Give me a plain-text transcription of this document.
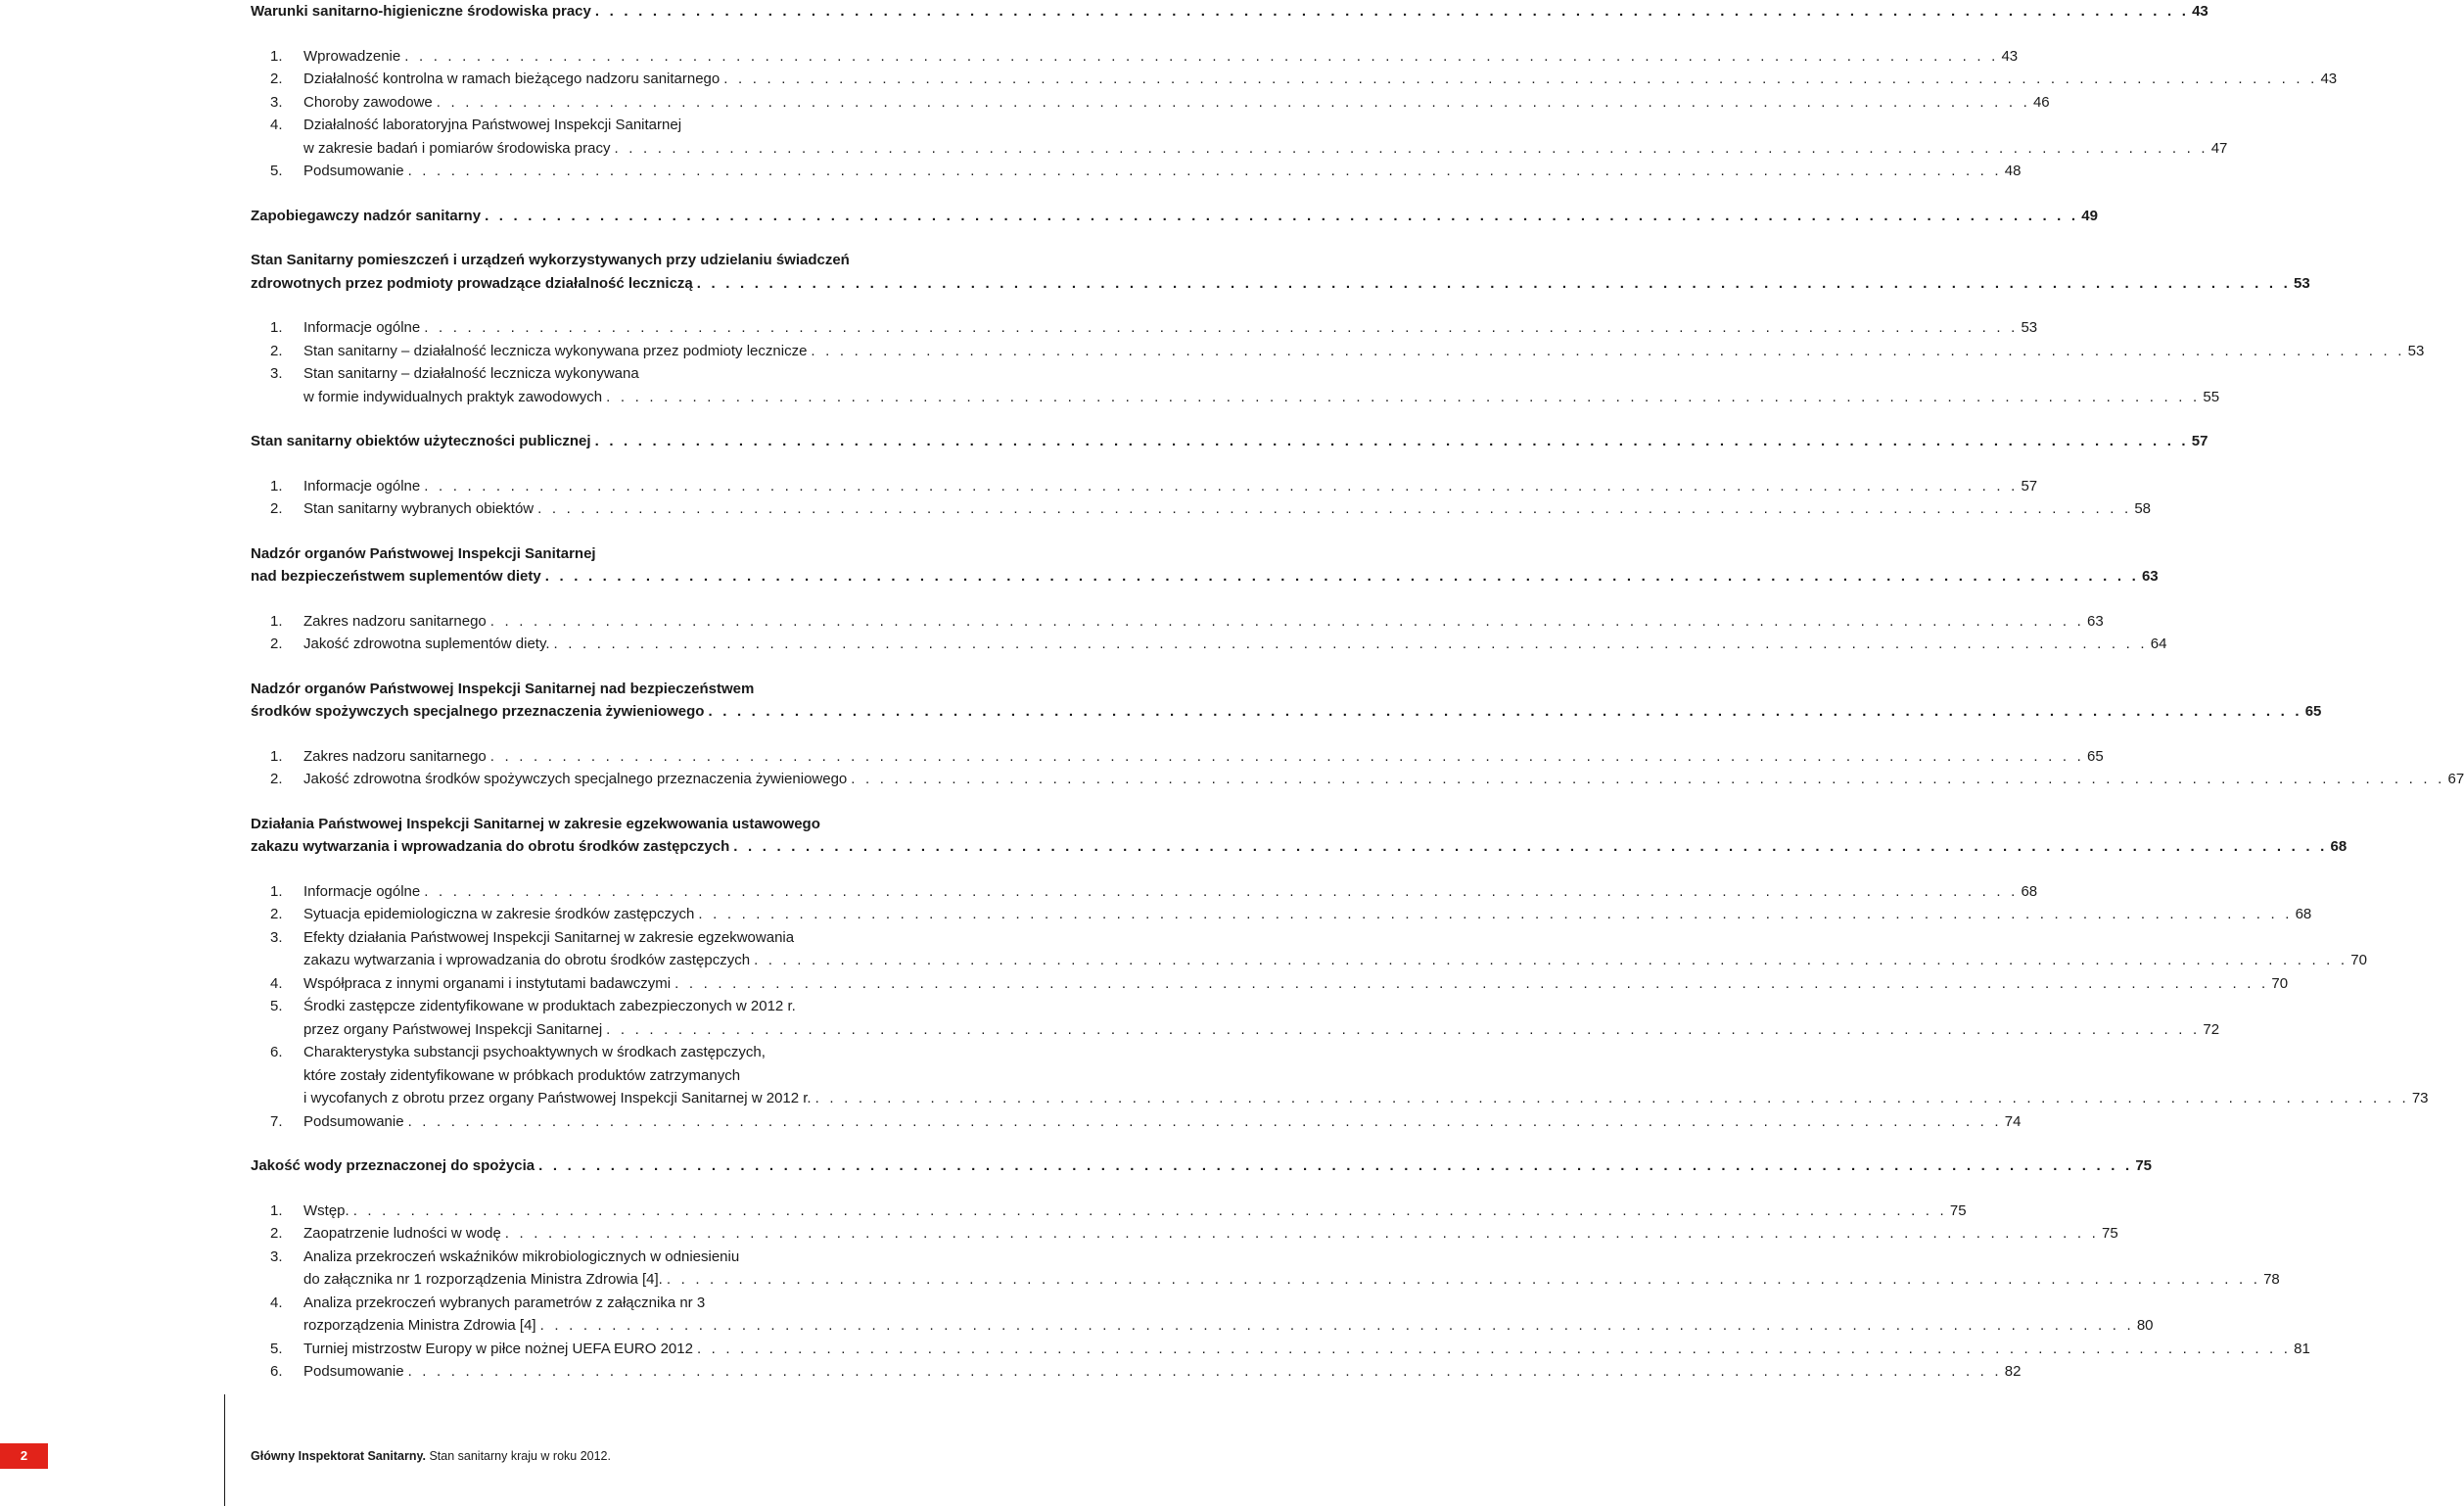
Warunki sanitarno-higieniczne środowiska pracy . . . . . . . . . . . . . . . . . . . . . . . . . . . . . . . . . . . . . . . . . . . . . . . . . . . . . . . . . . . . . . . . . . . . . . . . . . . . . . . . . . . . . . . . . . . . . . . . . . . . . . . . . . . . . . . 43
1.	Wprowadzenie . . . . . . . . . . . . . . . . . . . . . . . . . . . . . . . . . . . . . . . . . . . . . . . . . . . . . . . . . . . . . . . . . . . . . . . . . . . . . . . . . . . . . . . . . . . . . . . . . . . . . . . . . . . . . . . 43
2.	Działalność kontrolna w ramach bieżącego nadzoru sanitarnego . . . . . . . . . . . . . . . . . . . . . . . . . . . . . . . . . . . . . . . . . . . . . . . . . . . . . . . . . . . . . . . . . . . . . . . . . . . . . . . . . . . . . . . . . . . . . . . . . . . . . . . . . . . . . . . 43
3.	Choroby zawodowe . . . . . . . . . . . . . . . . . . . . . . . . . . . . . . . . . . . . . . . . . . . . . . . . . . . . . . . . . . . . . . . . . . . . . . . . . . . . . . . . . . . . . . . . . . . . . . . . . . . . . . . . . . . . . . . 46
4.	Działalność laboratoryjna Państwowej Inspekcji Sanitarnej
w zakresie badań i pomiarów środowiska pracy . . . . . . . . . . . . . . . . . . . . . . . . . . . . . . . . . . . . . . . . . . . . . . . . . . . . . . . . . . . . . . . . . . . . . . . . . . . . . . . . . . . . . . . . . . . . . . . . . . . . . . . . . . . . . . . 47
5.	Podsumowanie . . . . . . . . . . . . . . . . . . . . . . . . . . . . . . . . . . . . . . . . . . . . . . . . . . . . . . . . . . . . . . . . . . . . . . . . . . . . . . . . . . . . . . . . . . . . . . . . . . . . . . . . . . . . . . . 48
Zapobiegawczy nadzór sanitarny . . . . . . . . . . . . . . . . . . . . . . . . . . . . . . . . . . . . . . . . . . . . . . . . . . . . . . . . . . . . . . . . . . . . . . . . . . . . . . . . . . . . . . . . . . . . . . . . . . . . . . . . . . . . . . . 49
Stan Sanitarny pomieszczeń i urządzeń wykorzystywanych przy udzielaniu świadczeń
zdrowotnych przez podmioty prowadzące działalność leczniczą . . . . . . . . . . . . . . . . . . . . . . . . . . . . . . . . . . . . . . . . . . . . . . . . . . . . . . . . . . . . . . . . . . . . . . . . . . . . . . . . . . . . . . . . . . . . . . . . . . . . . . . . . . . . . . . 53
1.	Informacje ogólne . . . . . . . . . . . . . . . . . . . . . . . . . . . . . . . . . . . . . . . . . . . . . . . . . . . . . . . . . . . . . . . . . . . . . . . . . . . . . . . . . . . . . . . . . . . . . . . . . . . . . . . . . . . . . . . 53
2.	Stan sanitarny – działalność lecznicza wykonywana przez podmioty lecznicze . . . . . . . . . . . . . . . . . . . . . . . . . . . . . . . . . . . . . . . . . . . . . . . . . . . . . . . . . . . . . . . . . . . . . . . . . . . . . . . . . . . . . . . . . . . . . . . . . . . . . . . . . . . . . . . 53
3.	Stan sanitarny – działalność lecznicza wykonywana
w formie indywidualnych praktyk zawodowych . . . . . . . . . . . . . . . . . . . . . . . . . . . . . . . . . . . . . . . . . . . . . . . . . . . . . . . . . . . . . . . . . . . . . . . . . . . . . . . . . . . . . . . . . . . . . . . . . . . . . . . . . . . . . . . 55
Stan sanitarny obiektów użyteczności publicznej . . . . . . . . . . . . . . . . . . . . . . . . . . . . . . . . . . . . . . . . . . . . . . . . . . . . . . . . . . . . . . . . . . . . . . . . . . . . . . . . . . . . . . . . . . . . . . . . . . . . . . . . . . . . . . . 57
1.	Informacje ogólne . . . . . . . . . . . . . . . . . . . . . . . . . . . . . . . . . . . . . . . . . . . . . . . . . . . . . . . . . . . . . . . . . . . . . . . . . . . . . . . . . . . . . . . . . . . . . . . . . . . . . . . . . . . . . . . 57
2.	Stan sanitarny wybranych obiektów . . . . . . . . . . . . . . . . . . . . . . . . . . . . . . . . . . . . . . . . . . . . . . . . . . . . . . . . . . . . . . . . . . . . . . . . . . . . . . . . . . . . . . . . . . . . . . . . . . . . . . . . . . . . . . . 58
Nadzór organów Państwowej Inspekcji Sanitarnej
nad bezpieczeństwem suplementów diety . . . . . . . . . . . . . . . . . . . . . . . . . . . . . . . . . . . . . . . . . . . . . . . . . . . . . . . . . . . . . . . . . . . . . . . . . . . . . . . . . . . . . . . . . . . . . . . . . . . . . . . . . . . . . . . 63
1.	Zakres nadzoru sanitarnego . . . . . . . . . . . . . . . . . . . . . . . . . . . . . . . . . . . . . . . . . . . . . . . . . . . . . . . . . . . . . . . . . . . . . . . . . . . . . . . . . . . . . . . . . . . . . . . . . . . . . . . . . . . . . . . 63
2.	Jakość zdrowotna suplementów diety. . . . . . . . . . . . . . . . . . . . . . . . . . . . . . . . . . . . . . . . . . . . . . . . . . . . . . . . . . . . . . . . . . . . . . . . . . . . . . . . . . . . . . . . . . . . . . . . . . . . . . . . . . . . . . . . 64
Nadzór organów Państwowej Inspekcji Sanitarnej nad bezpieczeństwem
środków spożywczych specjalnego przeznaczenia żywieniowego . . . . . . . . . . . . . . . . . . . . . . . . . . . . . . . . . . . . . . . . . . . . . . . . . . . . . . . . . . . . . . . . . . . . . . . . . . . . . . . . . . . . . . . . . . . . . . . . . . . . . . . . . . . . . . . 65
1.	Zakres nadzoru sanitarnego . . . . . . . . . . . . . . . . . . . . . . . . . . . . . . . . . . . . . . . . . . . . . . . . . . . . . . . . . . . . . . . . . . . . . . . . . . . . . . . . . . . . . . . . . . . . . . . . . . . . . . . . . . . . . . . 65
2.	Jakość zdrowotna środków spożywczych specjalnego przeznaczenia żywieniowego . . . . . . . . . . . . . . . . . . . . . . . . . . . . . . . . . . . . . . . . . . . . . . . . . . . . . . . . . . . . . . . . . . . . . . . . . . . . . . . . . . . . . . . . . . . . . . . . . . . . . . . . . . . . . . . 67
Działania Państwowej Inspekcji Sanitarnej w zakresie egzekwowania ustawowego
zakazu wytwarzania i wprowadzania do obrotu środków zastępczych . . . . . . . . . . . . . . . . . . . . . . . . . . . . . . . . . . . . . . . . . . . . . . . . . . . . . . . . . . . . . . . . . . . . . . . . . . . . . . . . . . . . . . . . . . . . . . . . . . . . . . . . . . . . . . . 68
1.	Informacje ogólne . . . . . . . . . . . . . . . . . . . . . . . . . . . . . . . . . . . . . . . . . . . . . . . . . . . . . . . . . . . . . . . . . . . . . . . . . . . . . . . . . . . . . . . . . . . . . . . . . . . . . . . . . . . . . . . 68
2.	Sytuacja epidemiologiczna w zakresie środków zastępczych . . . . . . . . . . . . . . . . . . . . . . . . . . . . . . . . . . . . . . . . . . . . . . . . . . . . . . . . . . . . . . . . . . . . . . . . . . . . . . . . . . . . . . . . . . . . . . . . . . . . . . . . . . . . . . . 68
3.	Efekty działania Państwowej Inspekcji Sanitarnej w zakresie egzekwowania
zakazu wytwarzania i wprowadzania do obrotu środków zastępczych . . . . . . . . . . . . . . . . . . . . . . . . . . . . . . . . . . . . . . . . . . . . . . . . . . . . . . . . . . . . . . . . . . . . . . . . . . . . . . . . . . . . . . . . . . . . . . . . . . . . . . . . . . . . . . . 70
4.	Współpraca z innymi organami i instytutami badawczymi . . . . . . . . . . . . . . . . . . . . . . . . . . . . . . . . . . . . . . . . . . . . . . . . . . . . . . . . . . . . . . . . . . . . . . . . . . . . . . . . . . . . . . . . . . . . . . . . . . . . . . . . . . . . . . . 70
5.	Środki zastępcze zidentyfikowane w produktach zabezpieczonych w 2012 r.
przez organy Państwowej Inspekcji Sanitarnej . . . . . . . . . . . . . . . . . . . . . . . . . . . . . . . . . . . . . . . . . . . . . . . . . . . . . . . . . . . . . . . . . . . . . . . . . . . . . . . . . . . . . . . . . . . . . . . . . . . . . . . . . . . . . . . 72
6.	Charakterystyka substancji psychoaktywnych w środkach zastępczych,
które zostały zidentyfikowane w próbkach produktów zatrzymanych
i wycofanych z obrotu przez organy Państwowej Inspekcji Sanitarnej w 2012 r. . . . . . . . . . . . . . . . . . . . . . . . . . . . . . . . . . . . . . . . . . . . . . . . . . . . . . . . . . . . . . . . . . . . . . . . . . . . . . . . . . . . . . . . . . . . . . . . . . . . . . . . . . . . . . . . 73
7.	Podsumowanie . . . . . . . . . . . . . . . . . . . . . . . . . . . . . . . . . . . . . . . . . . . . . . . . . . . . . . . . . . . . . . . . . . . . . . . . . . . . . . . . . . . . . . . . . . . . . . . . . . . . . . . . . . . . . . . 74
Jakość wody przeznaczonej do spożycia . . . . . . . . . . . . . . . . . . . . . . . . . . . . . . . . . . . . . . . . . . . . . . . . . . . . . . . . . . . . . . . . . . . . . . . . . . . . . . . . . . . . . . . . . . . . . . . . . . . . . . . . . . . . . . . 75
1.	Wstęp. . . . . . . . . . . . . . . . . . . . . . . . . . . . . . . . . . . . . . . . . . . . . . . . . . . . . . . . . . . . . . . . . . . . . . . . . . . . . . . . . . . . . . . . . . . . . . . . . . . . . . . . . . . . . . . . 75
2.	Zaopatrzenie ludności w wodę . . . . . . . . . . . . . . . . . . . . . . . . . . . . . . . . . . . . . . . . . . . . . . . . . . . . . . . . . . . . . . . . . . . . . . . . . . . . . . . . . . . . . . . . . . . . . . . . . . . . . . . . . . . . . . . 75
3.	Analiza przekroczeń wskaźników mikrobiologicznych w odniesieniu
do załącznika nr 1 rozporządzenia Ministra Zdrowia [4]. . . . . . . . . . . . . . . . . . . . . . . . . . . . . . . . . . . . . . . . . . . . . . . . . . . . . . . . . . . . . . . . . . . . . . . . . . . . . . . . . . . . . . . . . . . . . . . . . . . . . . . . . . . . . . . . 78
4.	Analiza przekroczeń wybranych parametrów z załącznika nr 3
rozporządzenia Ministra Zdrowia [4] . . . . . . . . . . . . . . . . . . . . . . . . . . . . . . . . . . . . . . . . . . . . . . . . . . . . . . . . . . . . . . . . . . . . . . . . . . . . . . . . . . . . . . . . . . . . . . . . . . . . . . . . . . . . . . . 80
5.	Turniej mistrzostw Europy w piłce nożnej UEFA EURO 2012 . . . . . . . . . . . . . . . . . . . . . . . . . . . . . . . . . . . . . . . . . . . . . . . . . . . . . . . . . . . . . . . . . . . . . . . . . . . . . . . . . . . . . . . . . . . . . . . . . . . . . . . . . . . . . . . 81
6.	Podsumowanie . . . . . . . . . . . . . . . . . . . . . . . . . . . . . . . . . . . . . . . . . . . . . . . . . . . . . . . . . . . . . . . . . . . . . . . . . . . . . . . . . . . . . . . . . . . . . . . . . . . . . . . . . . . . . . . 82
2	Główny Inspektorat Sanitarny. Stan sanitarny kraju w roku 2012.
